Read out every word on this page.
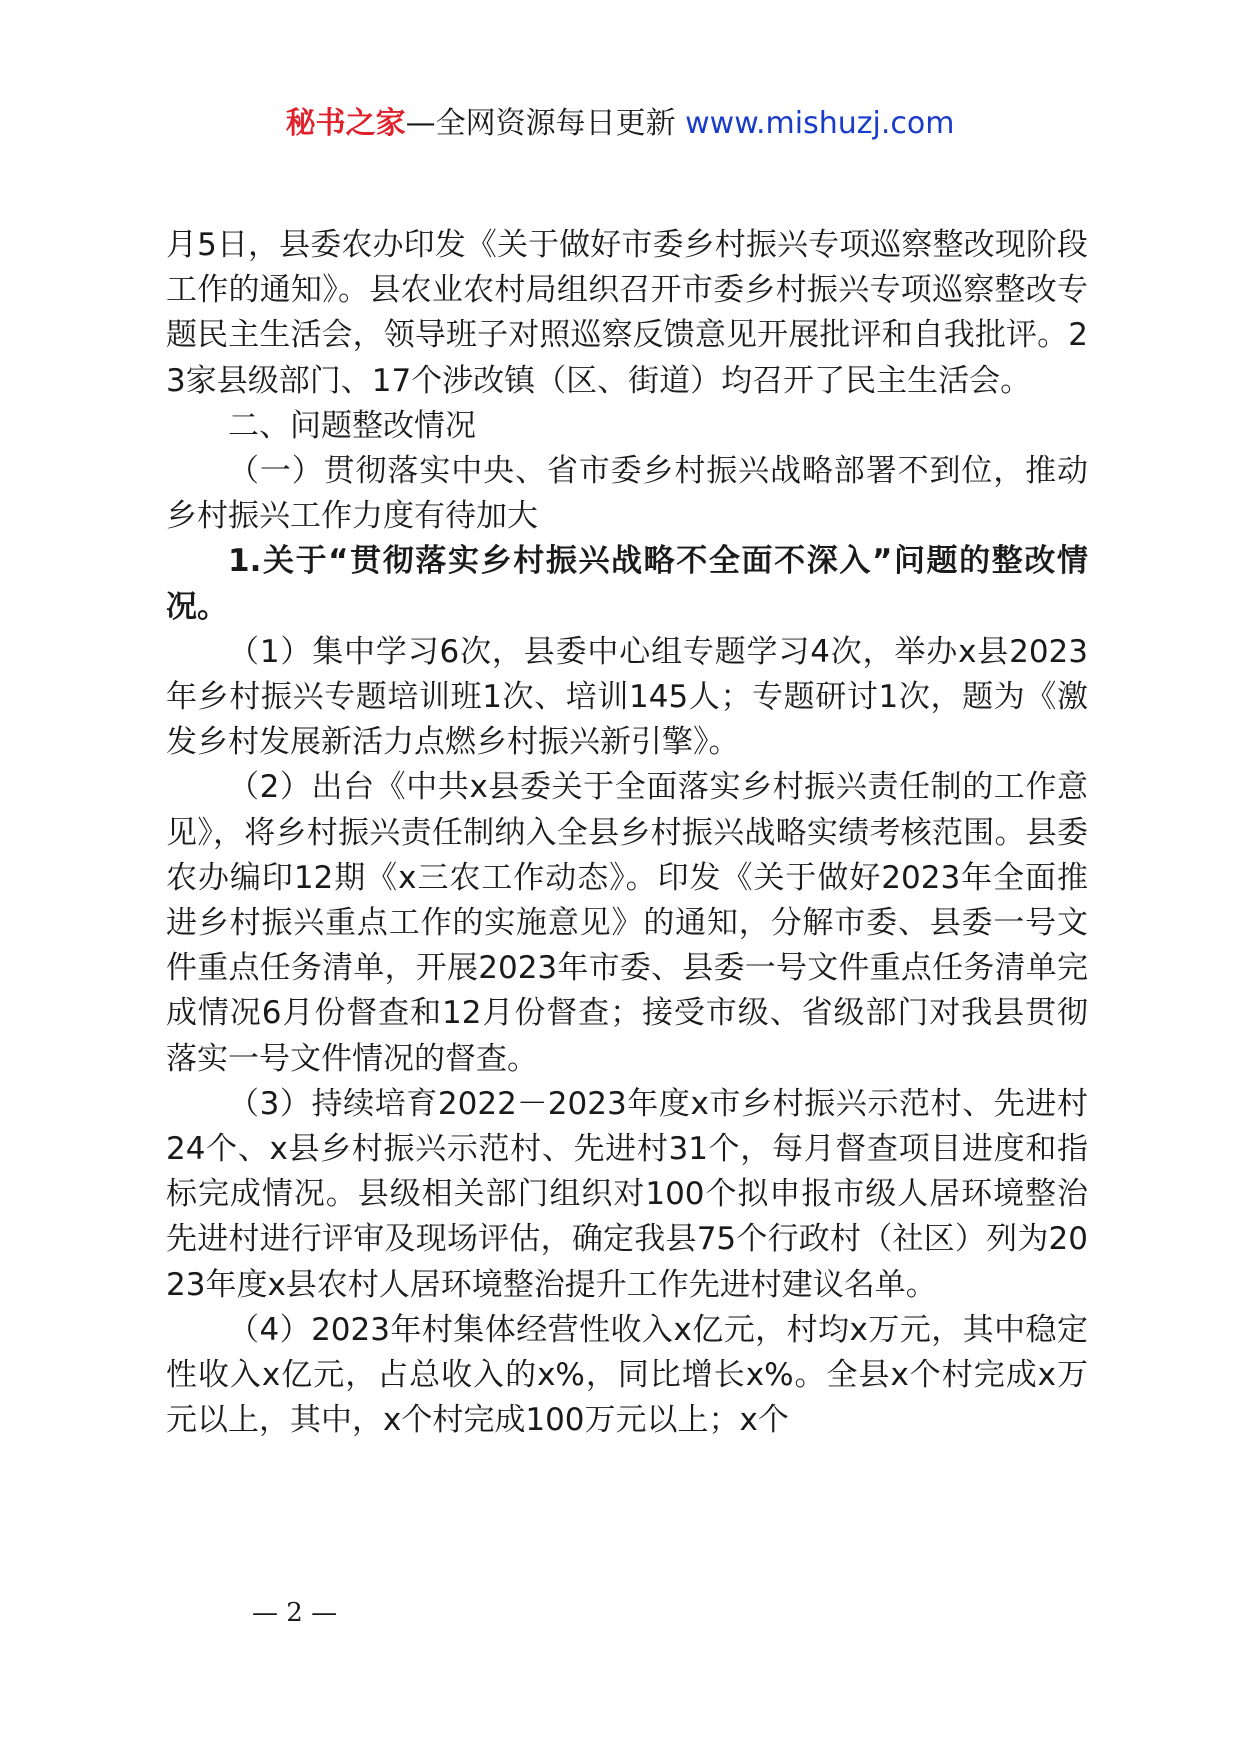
秘书之家—全网资源每日更新 www.mishuzj.com

月5日，县委农办印发《关于做好市委乡村振兴专项巡察整改现阶段工作的通知》。县农业农村局组织召开市委乡村振兴专项巡察整改专题民主生活会，领导班子对照巡察反馈意见开展批评和自我批评。23家县级部门、17个涉改镇（区、街道）均召开了民主生活会。

二、问题整改情况

（一）贯彻落实中央、省市委乡村振兴战略部署不到位，推动乡村振兴工作力度有待加大

1.关于“贯彻落实乡村振兴战略不全面不深入”问题的整改情况。

（1）集中学习6次，县委中心组专题学习4次，举办x县2023年乡村振兴专题培训班1次、培训145人；专题研讨1次，题为《激发乡村发展新活力点燃乡村振兴新引擎》。

（2）出台《中共x县委关于全面落实乡村振兴责任制的工作意见》，将乡村振兴责任制纳入全县乡村振兴战略实绩考核范围。县委农办编印12期《x三农工作动态》。印发《关于做好2023年全面推进乡村振兴重点工作的实施意见》的通知，分解市委、县委一号文件重点任务清单，开展2023年市委、县委一号文件重点任务清单完成情况6月份督查和12月份督查；接受市级、省级部门对我县贯彻落实一号文件情况的督查。

（3）持续培育2022－2023年度x市乡村振兴示范村、先进村24个、x县乡村振兴示范村、先进村31个，每月督查项目进度和指标完成情况。县级相关部门组织对100个拟申报市级人居环境整治先进村进行评审及现场评估，确定我县75个行政村（社区）列为2023年度x县农村人居环境整治提升工作先进村建议名单。

（4）2023年村集体经营性收入x亿元，村均x万元，其中稳定性收入x亿元，占总收入的x%，同比增长x%。全县x个村完成x万元以上，其中，x个村完成100万元以上；x个

— 2 —
